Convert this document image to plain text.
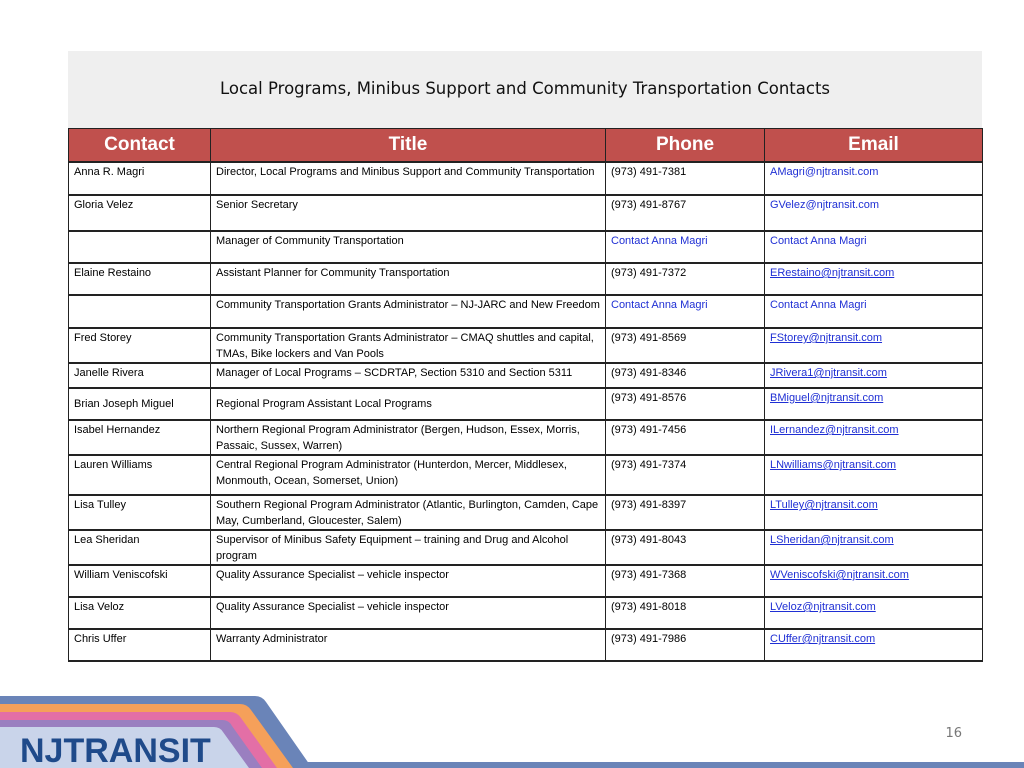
Local Programs, Minibus Support and Community Transportation Contacts
Contact	Title	Phone	Email
Anna R. Magri	Director, Local Programs and Minibus Support and Community Transportation	(973) 491-7381	AMagri@njtransit.com
Gloria Velez	Senior Secretary	(973) 491-8767	GVelez@njtransit.com
	Manager of Community Transportation	Contact Anna Magri	Contact Anna Magri
Elaine Restaino	Assistant Planner for Community Transportation	(973) 491-7372	ERestaino@njtransit.com
	Community Transportation Grants Administrator – NJ-JARC and New Freedom	Contact Anna Magri	Contact Anna Magri
Fred Storey	Community Transportation Grants Administrator – CMAQ shuttles and capital, TMAs, Bike lockers and Van Pools	(973) 491-8569	FStorey@njtransit.com
Janelle Rivera	Manager of Local Programs – SCDRTAP, Section 5310 and Section 5311	(973) 491-8346	JRivera1@njtransit.com
Brian Joseph Miguel	Regional Program Assistant Local Programs	(973) 491-8576	BMiguel@njtransit.com
Isabel Hernandez	Northern Regional Program Administrator (Bergen, Hudson, Essex, Morris, Passaic, Sussex, Warren)	(973) 491-7456	ILernandez@njtransit.com
Lauren Williams	Central Regional Program Administrator (Hunterdon, Mercer, Middlesex, Monmouth, Ocean, Somerset, Union)	(973) 491-7374	LNwilliams@njtransit.com
Lisa Tulley	Southern Regional Program Administrator (Atlantic, Burlington, Camden, Cape May, Cumberland, Gloucester, Salem)	(973) 491-8397	LTulley@njtransit.com
Lea Sheridan	Supervisor of Minibus Safety Equipment – training and Drug and Alcohol program	(973) 491-8043	LSheridan@njtransit.com
William Veniscofski	Quality Assurance Specialist – vehicle inspector	(973) 491-7368	WVeniscofski@njtransit.com
Lisa Veloz	Quality Assurance Specialist – vehicle inspector	(973) 491-8018	LVeloz@njtransit.com
Chris Uffer	Warranty Administrator	(973) 491-7986	CUffer@njtransit.com
16
NJTRANSIT
